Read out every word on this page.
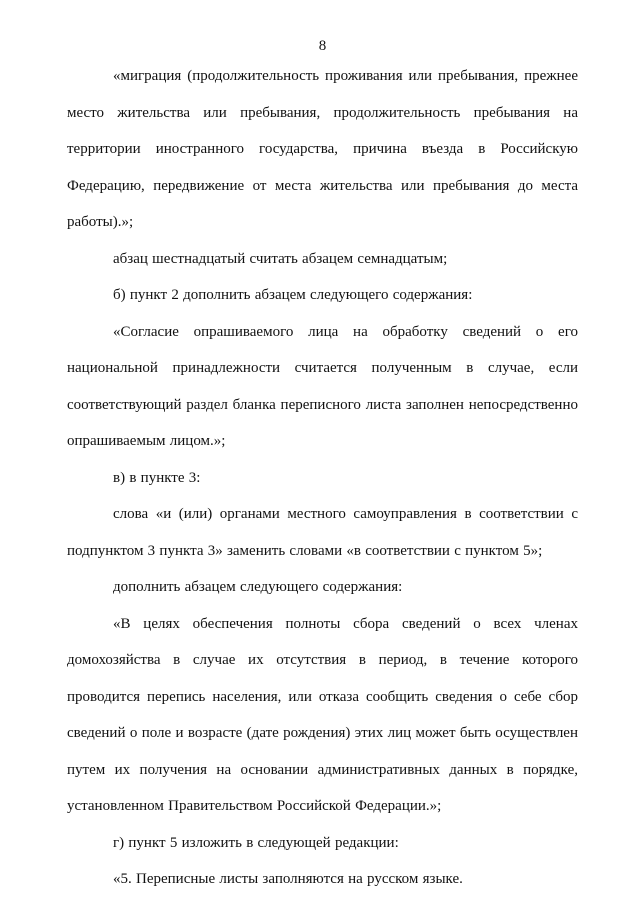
8

«миграция (продолжительность проживания или пребывания, прежнее место жительства или пребывания, продолжительность пребывания на территории иностранного государства, причина въезда в Российскую Федерацию, передвижение от места жительства или пребывания до места работы).»;

абзац шестнадцатый считать абзацем семнадцатым;

б) пункт 2 дополнить абзацем следующего содержания:

«Согласие опрашиваемого лица на обработку сведений о его национальной принадлежности считается полученным в случае, если соответствующий раздел бланка переписного листа заполнен непосредственно опрашиваемым лицом.»;

в) в пункте 3:

слова «и (или) органами местного самоуправления в соответствии с подпунктом 3 пункта 3» заменить словами «в соответствии с пунктом 5»;

дополнить абзацем следующего содержания:

«В целях обеспечения полноты сбора сведений о всех членах домохозяйства в случае их отсутствия в период, в течение которого проводится перепись населения, или отказа сообщить сведения о себе сбор сведений о поле и возрасте (дате рождения) этих лиц может быть осуществлен путем их получения на основании административных данных в порядке, установленном Правительством Российской Федерации.»;

г) пункт 5 изложить в следующей редакции:

«5. Переписные листы заполняются на русском языке.
